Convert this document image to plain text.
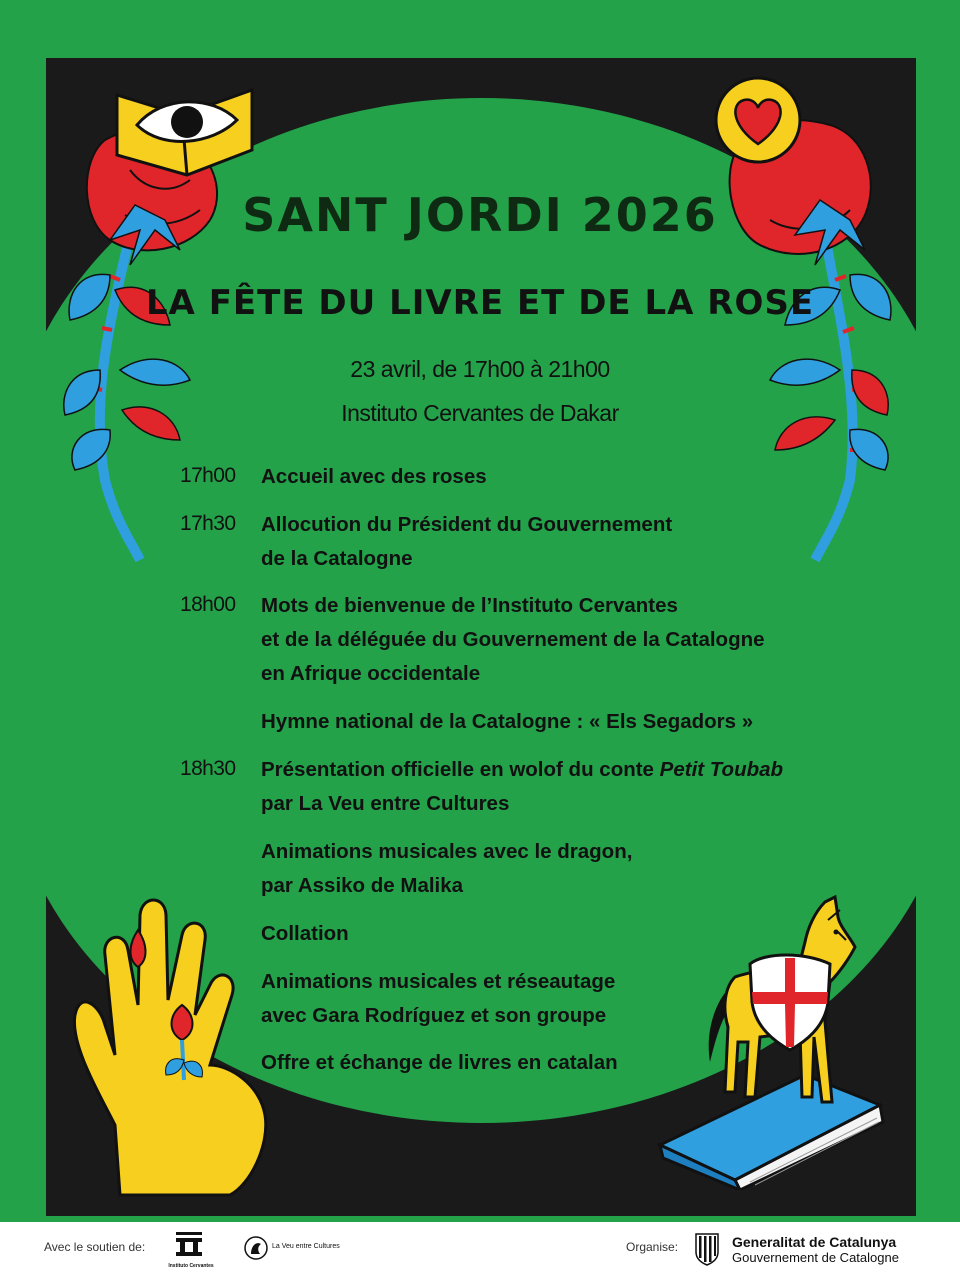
SANT JORDI 2026
LA FÊTE DU LIVRE ET DE LA ROSE
23 avril, de 17h00 à 21h00
Instituto Cervantes de Dakar
17h00	Accueil avec des roses
17h30	Allocution du Président du Gouvernement
de la Catalogne
18h00	Mots de bienvenue de l’Instituto Cervantes
et de la déléguée du Gouvernement de la Catalogne
en Afrique occidentale
Hymne national de la Catalogne : « Els Segadors »
18h30	Présentation officielle en wolof du conte Petit Toubab
par La Veu entre Cultures
Animations musicales avec le dragon,
par Assiko de Malika
Collation
Animations musicales et réseautage
avec Gara Rodríguez et son groupe
Offre et échange de livres en catalan
Avec le soutien de:
Instituto Cervantes
La Veu entre Cultures	Organise:	Generalitat de Catalunya
Gouvernement de Catalogne
